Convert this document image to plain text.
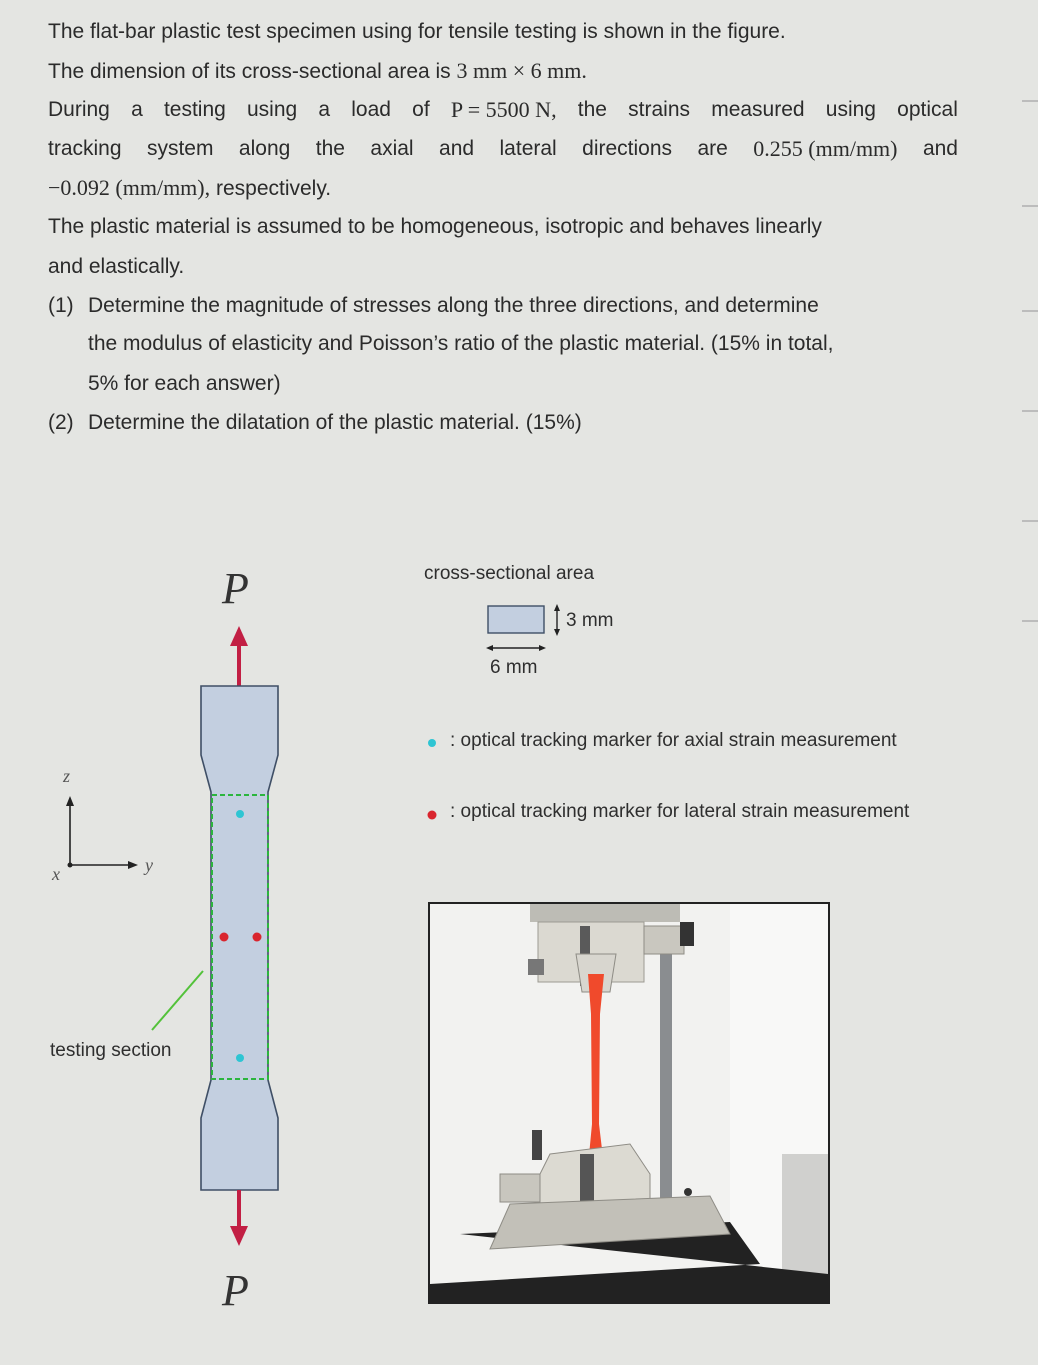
The flat-bar plastic test specimen using for tensile testing is shown in the figure.
The dimension of its cross-sectional area is 3 mm × 6 mm.
During a testing using a load of P = 5500 N, the strains measured using optical
tracking system along the axial and lateral directions are 0.255 (mm/mm) and
−0.092 (mm/mm), respectively.
The plastic material is assumed to be homogeneous, isotropic and behaves linearly
and elastically.
(1) Determine the magnitude of stresses along the three directions, and determine
the modulus of elasticity and Poisson’s ratio of the plastic material. (15% in total,
5% for each answer)
(2) Determine the dilatation of the plastic material. (15%)
P
P
z
y
x
testing section
cross-sectional area
3 mm
6 mm
: optical tracking marker for axial strain measurement
: optical tracking marker for lateral strain measurement
